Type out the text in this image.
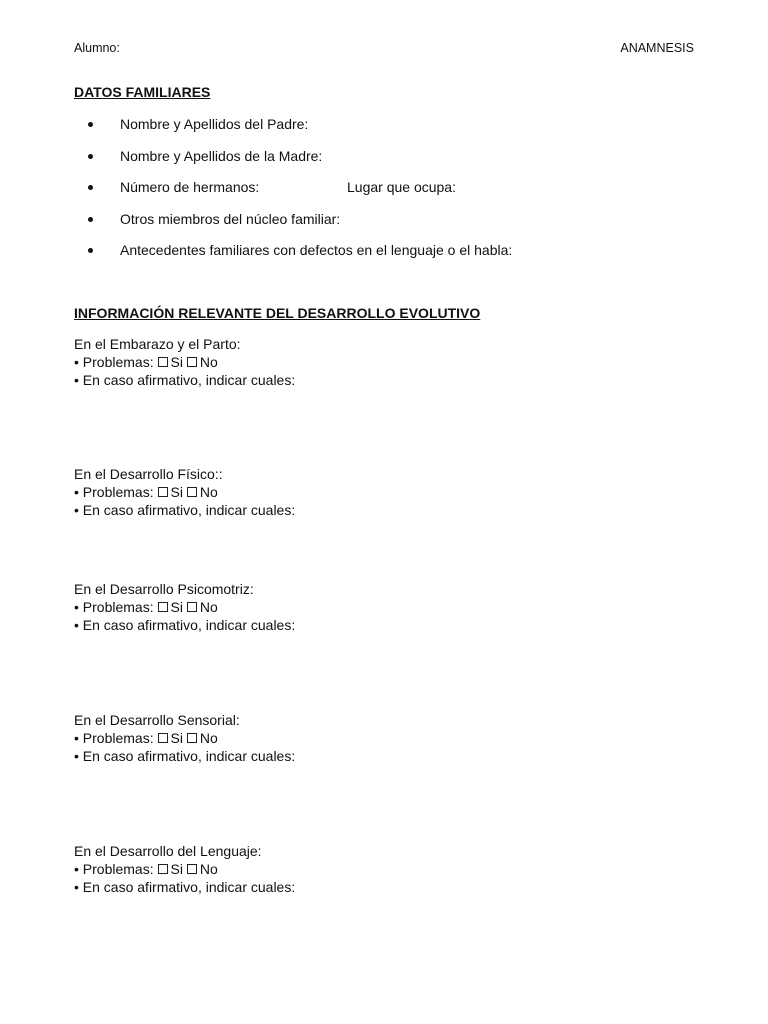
Alumno:	ANAMNESIS
DATOS FAMILIARES
Nombre y Apellidos del Padre:
Nombre y Apellidos de la Madre:
Número de hermanos:	Lugar que ocupa:
Otros miembros del núcleo familiar:
Antecedentes familiares con defectos en el lenguaje o el habla:
INFORMACIÓN RELEVANTE DEL DESARROLLO EVOLUTIVO
En el Embarazo y el Parto:
• Problemas: Si No
• En caso afirmativo, indicar cuales:
En el Desarrollo Físico::
• Problemas: Si No
• En caso afirmativo, indicar cuales:
En el Desarrollo Psicomotriz:
• Problemas: Si No
• En caso afirmativo, indicar cuales:
En el Desarrollo Sensorial:
• Problemas: Si No
• En caso afirmativo, indicar cuales:
En el Desarrollo del Lenguaje:
• Problemas: Si No
• En caso afirmativo, indicar cuales:
